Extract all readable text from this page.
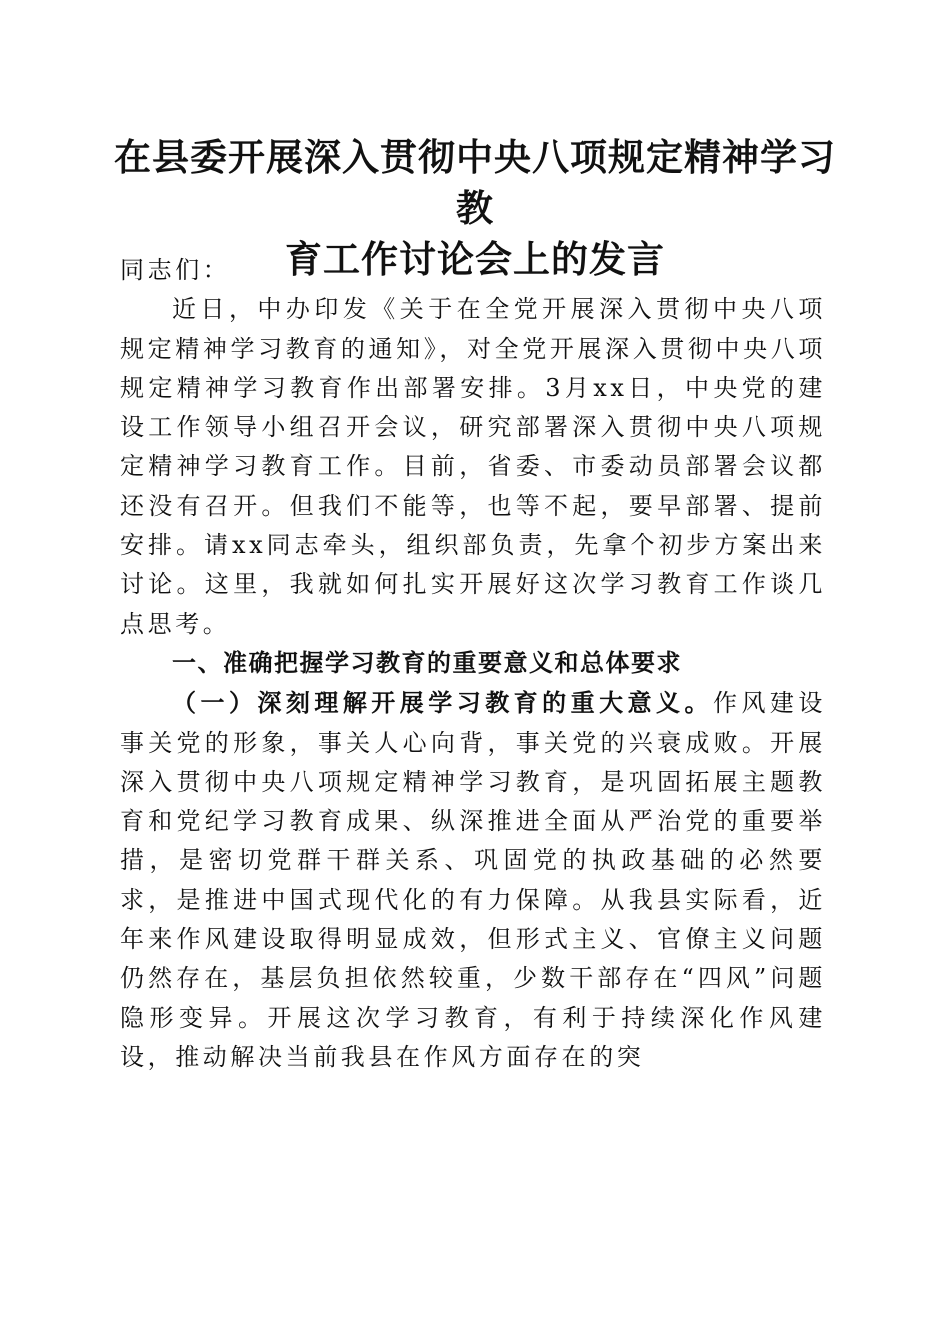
在县委开展深入贯彻中央八项规定精神学习教
育工作讨论会上的发言

同志们：

近日，中办印发《关于在全党开展深入贯彻中央八项规定精神学习教育的通知》，对全党开展深入贯彻中央八项规定精神学习教育作出部署安排。3月xx日，中央党的建设工作领导小组召开会议，研究部署深入贯彻中央八项规定精神学习教育工作。目前，省委、市委动员部署会议都还没有召开。但我们不能等，也等不起，要早部署、提前安排。请xx同志牵头，组织部负责，先拿个初步方案出来讨论。这里，我就如何扎实开展好这次学习教育工作谈几点思考。

一、准确把握学习教育的重要意义和总体要求

（一）深刻理解开展学习教育的重大意义。作风建设事关党的形象，事关人心向背，事关党的兴衰成败。开展深入贯彻中央八项规定精神学习教育，是巩固拓展主题教育和党纪学习教育成果、纵深推进全面从严治党的重要举措，是密切党群干群关系、巩固党的执政基础的必然要求，是推进中国式现代化的有力保障。从我县实际看，近年来作风建设取得明显成效，但形式主义、官僚主义问题仍然存在，基层负担依然较重，少数干部存在“四风”问题隐形变异。开展这次学习教育，有利于持续深化作风建设，推动解决当前我县在作风方面存在的突
